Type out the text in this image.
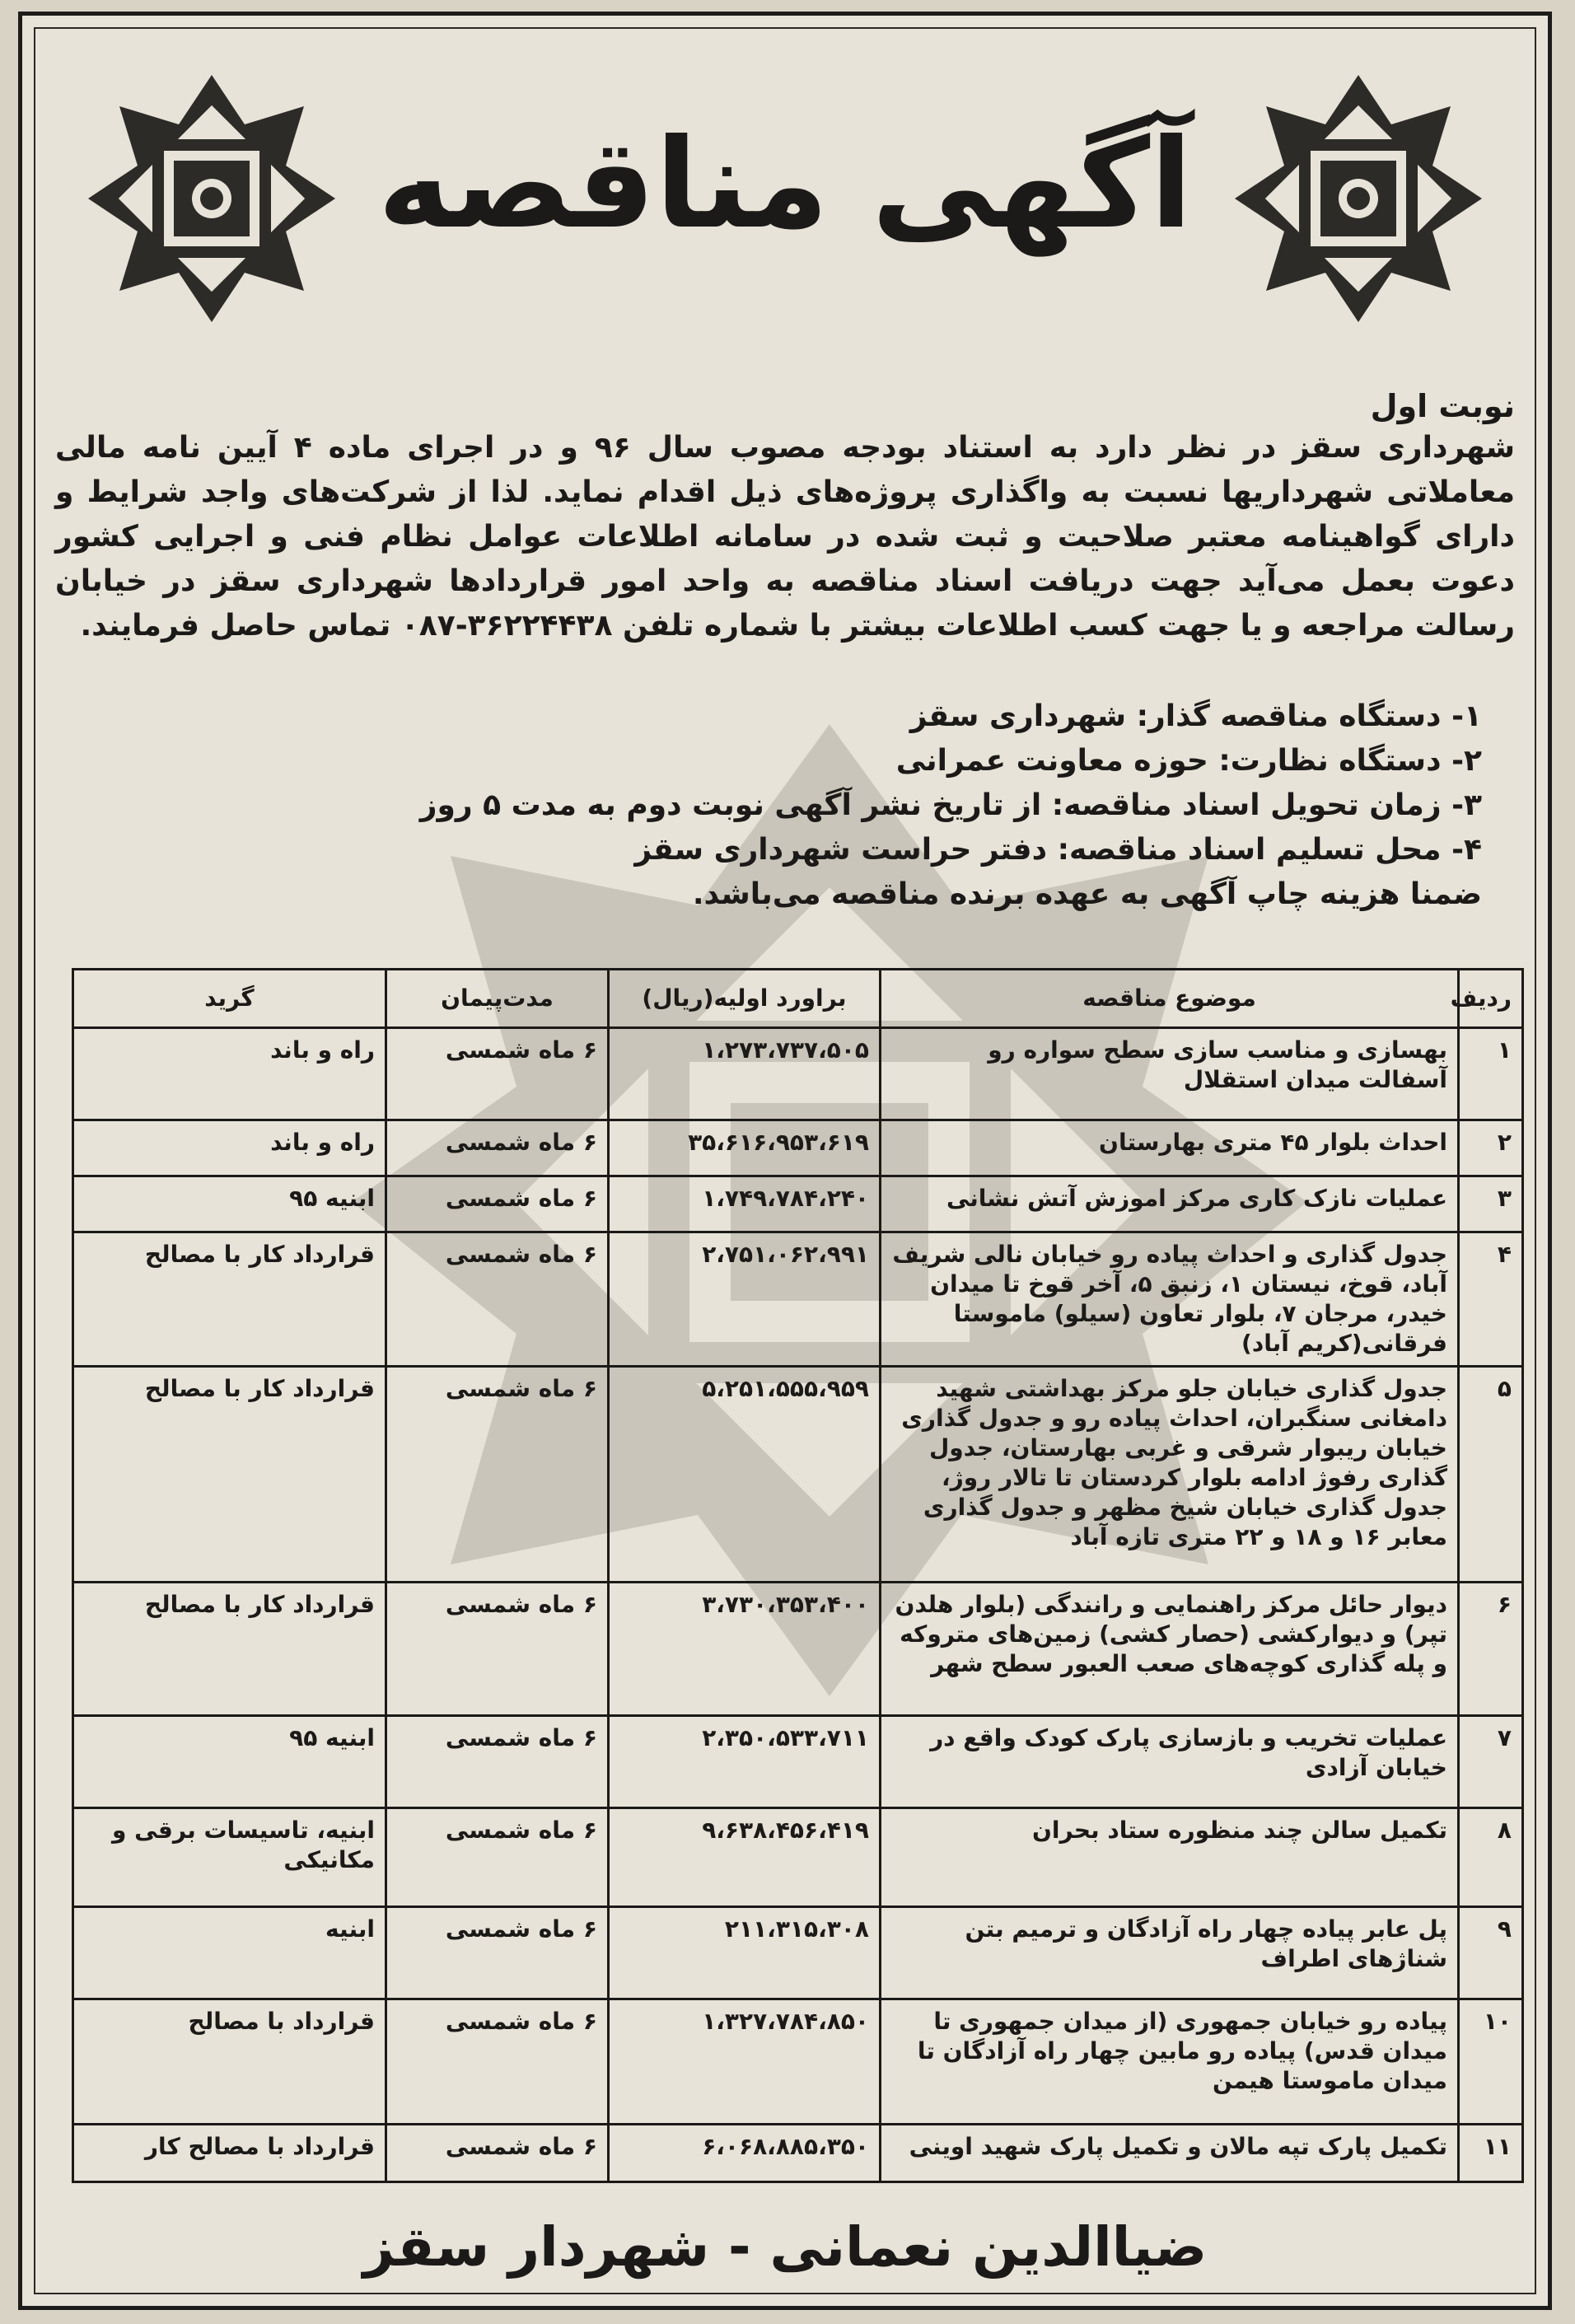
آگهی مناقصه
نوبت اول
شهرداری سقز در نظر دارد به استناد بودجه مصوب سال ۹۶ و در اجرای ماده ۴ آیین نامه مالی معاملاتی شهرداریها نسبت به واگذاری پروژه‌های ذیل اقدام نماید. لذا از شرکت‌های واجد شرایط و دارای گواهینامه معتبر صلاحیت و ثبت شده در سامانه اطلاعات عوامل نظام فنی و اجرایی کشور دعوت بعمل می‌آید جهت دریافت اسناد مناقصه به واحد امور قراردادها شهرداری سقز در خیابان رسالت مراجعه و یا جهت کسب اطلاعات بیشتر با شماره تلفن ۳۶۲۲۴۴۳۸-۰۸۷ تماس حاصل فرمایند.
۱- دستگاه مناقصه گذار: شهرداری سقز
۲- دستگاه نظارت: حوزه معاونت عمرانی
۳- زمان تحویل اسناد مناقصه: از تاریخ نشر آگهی نوبت دوم به مدت ۵ روز
۴- محل تسلیم اسناد مناقصه: دفتر حراست شهرداری سقز
ضمنا هزینه چاپ آگهی به عهده برنده مناقصه می‌باشد.
ردیف	موضوع مناقصه	براورد اولیه(ریال)	مدت‌پیمان	گرید
۱	بهسازی و مناسب سازی سطح سواره رو آسفالت میدان استقلال	۱،۲۷۳،۷۳۷،۵۰۵	۶ ماه شمسی	راه و باند
۲	احداث بلوار ۴۵ متری بهارستان	۳۵،۶۱۶،۹۵۳،۶۱۹	۶ ماه شمسی	راه و باند
۳	عملیات نازک کاری مرکز اموزش آتش نشانی	۱،۷۴۹،۷۸۴،۲۴۰	۶ ماه شمسی	ابنیه ۹۵
۴	جدول گذاری و احداث پیاده رو خیابان نالی شریف آباد، قوخ، نیستان ۱، زنبق ۵، آخر قوخ تا میدان خیدر، مرجان ۷، بلوار تعاون (سیلو) ماموستا فرقانی(کریم آباد)	۲،۷۵۱،۰۶۲،۹۹۱	۶ ماه شمسی	قرارداد کار با مصالح
۵	جدول گذاری خیابان جلو مرکز بهداشتی شهید دامغانی سنگبران، احداث پیاده رو و جدول گذاری خیابان ریبوار شرقی و غربی بهارستان، جدول گذاری رفوژ ادامه بلوار کردستان تا تالار روژ، جدول گذاری خیابان شیخ مظهر و جدول گذاری معابر ۱۶ و ۱۸ و ۲۲ متری تازه آباد	۵،۲۵۱،۵۵۵،۹۵۹	۶ ماه شمسی	قرارداد کار با مصالح
۶	دیوار حائل مرکز راهنمایی و رانندگی (بلوار هلدن تپر) و دیوارکشی (حصار کشی) زمین‌های متروکه و پله گذاری کوچه‌های صعب العبور سطح شهر	۳،۷۳۰،۳۵۳،۴۰۰	۶ ماه شمسی	قرارداد کار با مصالح
۷	عملیات تخریب و بازسازی پارک کودک واقع در خیابان آزادی	۲،۳۵۰،۵۳۳،۷۱۱	۶ ماه شمسی	ابنیه ۹۵
۸	تکمیل سالن چند منظوره ستاد بحران	۹،۶۳۸،۴۵۶،۴۱۹	۶ ماه شمسی	ابنیه، تاسیسات برقی و مکانیکی
۹	پل عابر پیاده چهار راه آزادگان و ترمیم بتن شناژهای اطراف	۲۱۱،۳۱۵،۳۰۸	۶ ماه شمسی	ابنیه
۱۰	پیاده رو خیابان جمهوری (از میدان جمهوری تا میدان قدس) پیاده رو مابین چهار راه آزادگان تا میدان ماموستا هیمن	۱،۳۲۷،۷۸۴،۸۵۰	۶ ماه شمسی	قرارداد با مصالح
۱۱	تکمیل پارک تپه مالان و تکمیل پارک شهید اوینی	۶،۰۶۸،۸۸۵،۳۵۰	۶ ماه شمسی	قرارداد با مصالح کار
ضیاالدین نعمانی - شهردار سقز
